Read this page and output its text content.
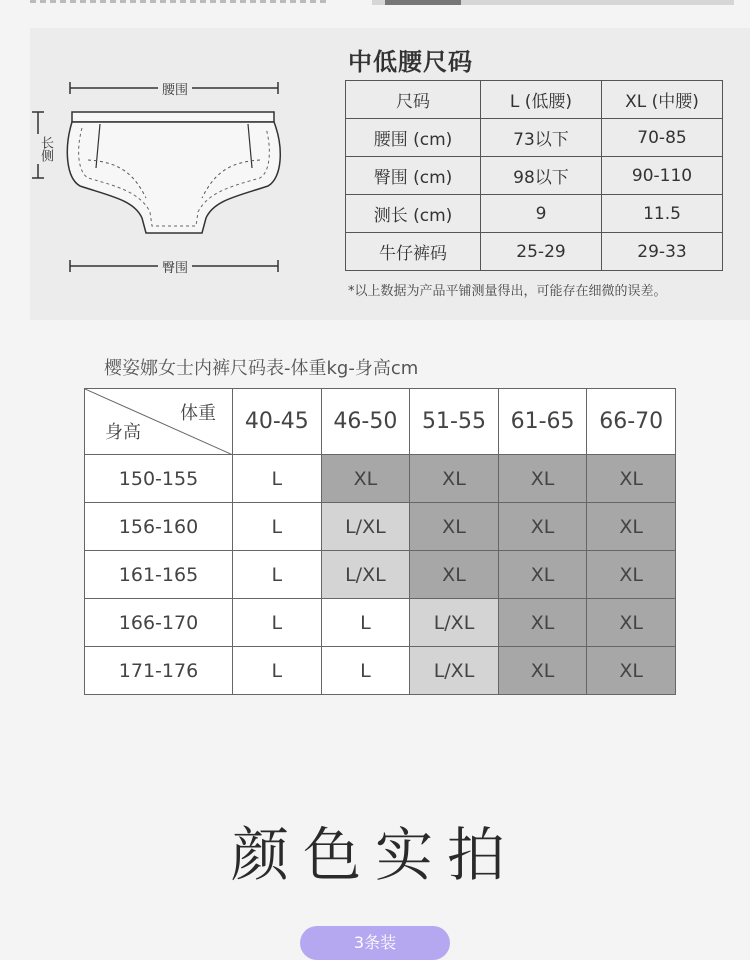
腰围
长侧
臀围
中低腰尺码
尺码	L (低腰)	XL (中腰)
腰围 (cm)	73以下	70-85
臀围 (cm)	98以下	90-110
测长 (cm)	9	11.5
牛仔裤码	25-29	29-33
*以上数据为产品平铺测量得出，可能存在细微的误差。
樱姿娜女士内裤尺码表-体重kg-身高cm
体重
身高	40-45	46-50	51-55	61-65	66-70
150-155	L	XL	XL	XL	XL
156-160	L	L/XL	XL	XL	XL
161-165	L	L/XL	XL	XL	XL
166-170	L	L	L/XL	XL	XL
171-176	L	L	L/XL	XL	XL
颜色实拍
3条装
